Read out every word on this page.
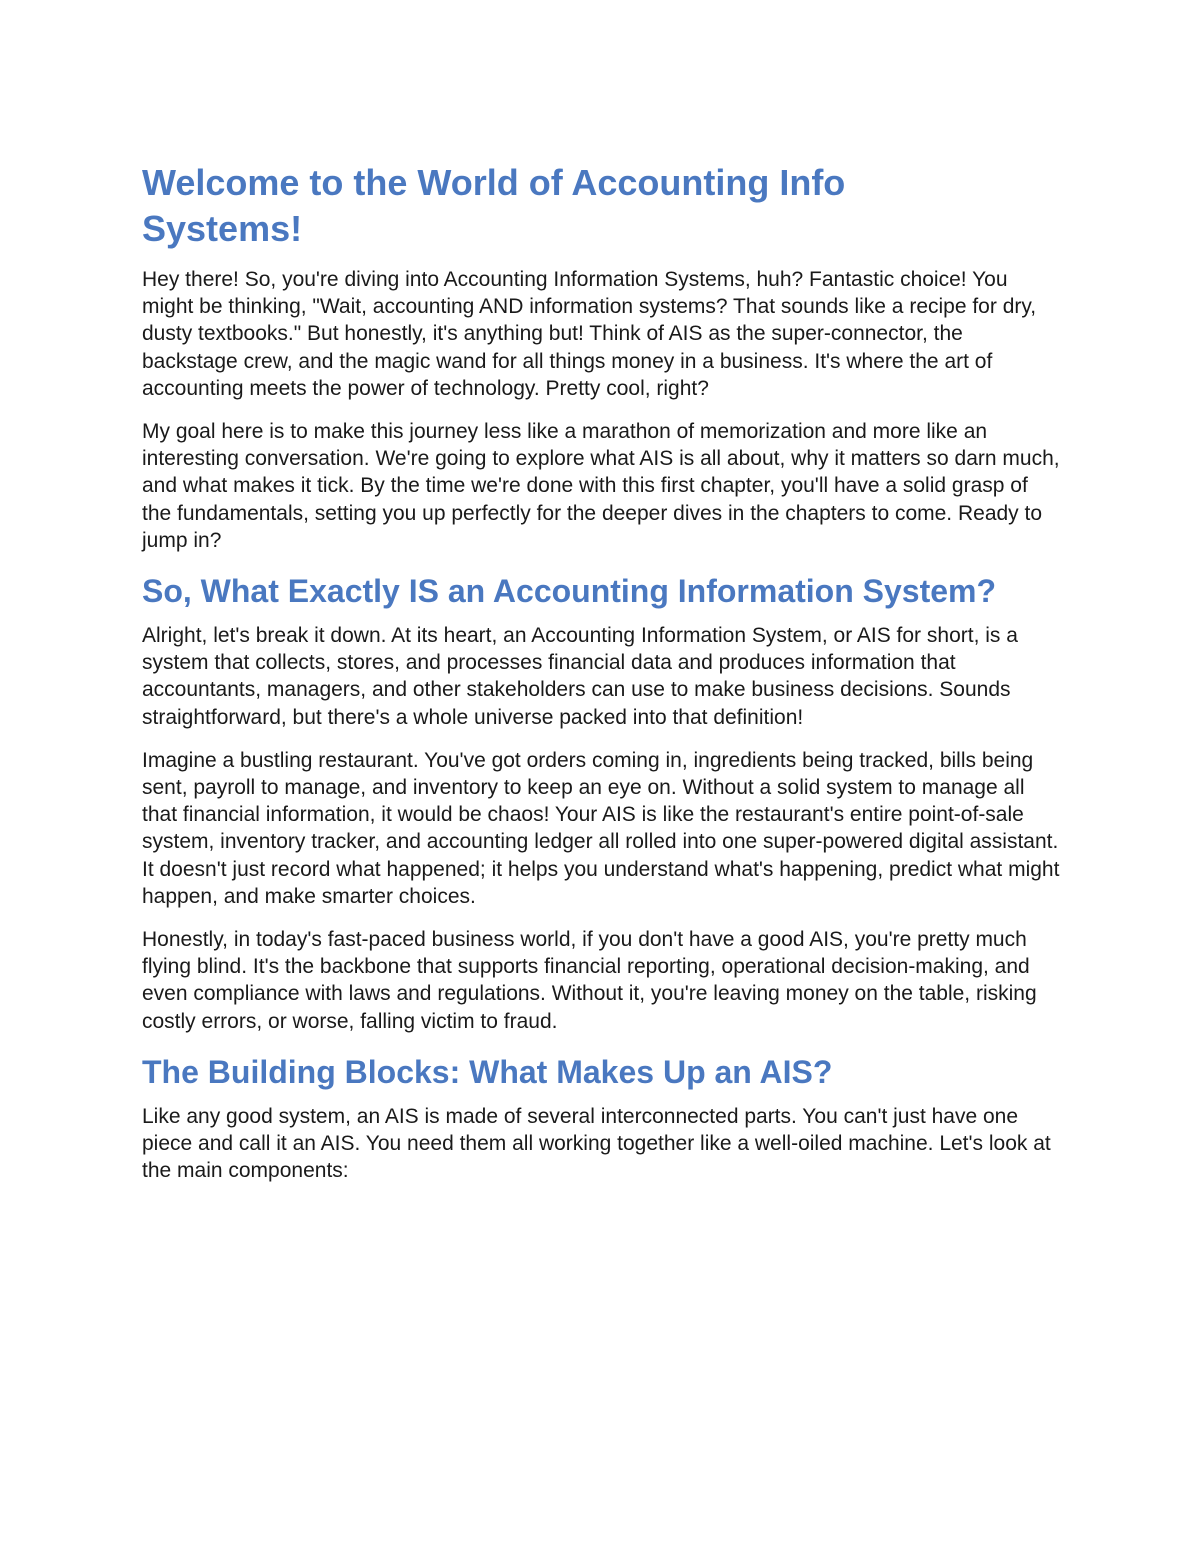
Welcome to the World of Accounting Info Systems!

Hey there! So, you're diving into Accounting Information Systems, huh? Fantastic choice! You might be thinking, "Wait, accounting AND information systems? That sounds like a recipe for dry, dusty textbooks." But honestly, it's anything but! Think of AIS as the super-connector, the backstage crew, and the magic wand for all things money in a business. It's where the art of accounting meets the power of technology. Pretty cool, right?

My goal here is to make this journey less like a marathon of memorization and more like an interesting conversation. We're going to explore what AIS is all about, why it matters so darn much, and what makes it tick. By the time we're done with this first chapter, you'll have a solid grasp of the fundamentals, setting you up perfectly for the deeper dives in the chapters to come. Ready to jump in?

So, What Exactly IS an Accounting Information System?

Alright, let's break it down. At its heart, an Accounting Information System, or AIS for short, is a system that collects, stores, and processes financial data and produces information that accountants, managers, and other stakeholders can use to make business decisions. Sounds straightforward, but there's a whole universe packed into that definition!

Imagine a bustling restaurant. You've got orders coming in, ingredients being tracked, bills being sent, payroll to manage, and inventory to keep an eye on. Without a solid system to manage all that financial information, it would be chaos! Your AIS is like the restaurant's entire point-of-sale system, inventory tracker, and accounting ledger all rolled into one super-powered digital assistant. It doesn't just record what happened; it helps you understand what's happening, predict what might happen, and make smarter choices.

Honestly, in today's fast-paced business world, if you don't have a good AIS, you're pretty much flying blind. It's the backbone that supports financial reporting, operational decision-making, and even compliance with laws and regulations. Without it, you're leaving money on the table, risking costly errors, or worse, falling victim to fraud.

The Building Blocks: What Makes Up an AIS?

Like any good system, an AIS is made of several interconnected parts. You can't just have one piece and call it an AIS. You need them all working together like a well-oiled machine. Let's look at the main components:
